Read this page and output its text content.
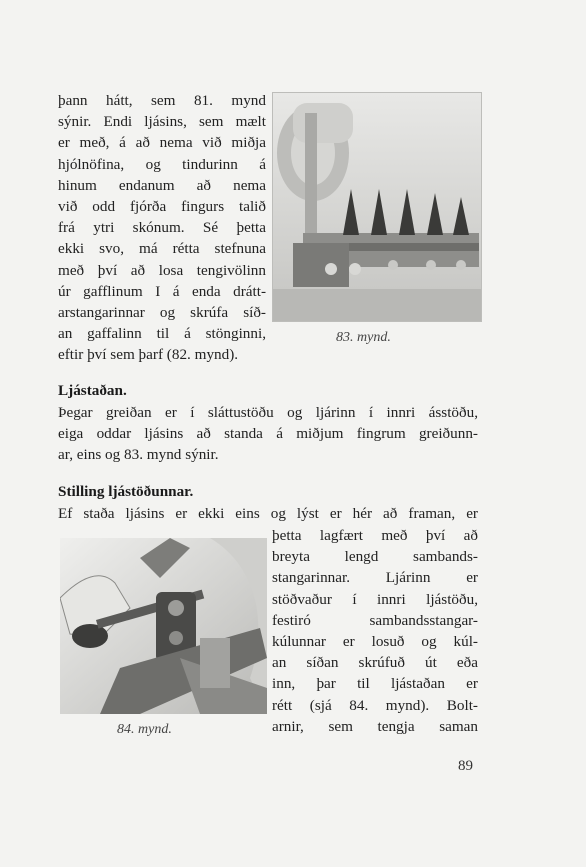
þann hátt, sem 81. mynd
sýnir. Endi ljásins, sem mælt
er með, á að nema við miðja
hjólnöfina, og tindurinn á
hinum endanum að nema
við odd fjórða fingurs talið
frá ytri skónum. Sé þetta
ekki svo, má rétta stefnuna
með því að losa tengivölinn
úr gafflinum I á enda drátt-
arstangarinnar og skrúfa síð-
an gaffalinn til á stönginni,
eftir því sem þarf (82. mynd).
83. mynd.
Ljástaðan.
Þegar greiðan er í sláttustöðu og ljárinn í innri ásstöðu,
eiga oddar ljásins að standa á miðjum fingrum greiðunn-
ar, eins og 83. mynd sýnir.
Stilling ljástöðunnar.
Ef staða ljásins er ekki eins og lýst er hér að framan, er
þetta lagfært með því að
breyta lengd sambands-
stangarinnar. Ljárinn er
stöðvaður í innri ljástöðu,
festiró sambandsstangar-
kúlunnar er losuð og kúl-
an síðan skrúfuð út eða
inn, þar til ljástaðan er
rétt (sjá 84. mynd). Bolt-
arnir, sem tengja saman
84. mynd.
89
